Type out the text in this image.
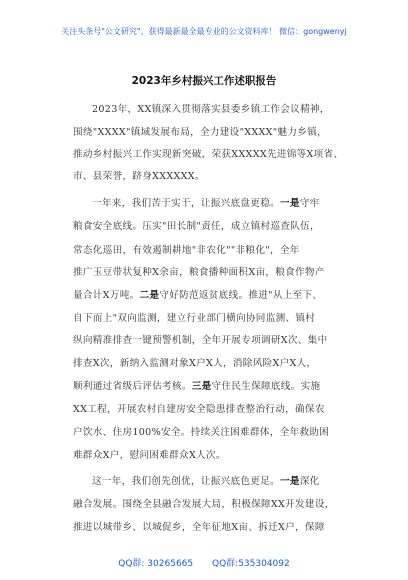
关注头条号"公文研究"，获得最新最全最专业的公文资料库！ 微信：gongwenyj
2023年乡村振兴工作述职报告
2023年，XX镇深入贯彻落实县委乡镇工作会议精神，
围绕"XXXX"镇域发展布局，全力建设"XXXX"魅力乡镇，
推动乡村振兴工作实现新突破，荣获XXXXX先进锦等X项省、
市、县荣誉，跻身XXXXXX。
一年来，我们苦于实干，让振兴底盘更稳。一是守牢
粮食安全底线。压实"田长制"责任，成立镇村巡查队伍，
常态化巡田，有效遏制耕地"非农化""非粮化"，全年
推广玉豆带状复种X余亩，粮食播种面积X亩，粮食作物产
量合计X万吨。二是守好防范返贫底线。推进"从上至下、
自下而上"双向监测，建立行业部门横向协同监测、镇村
纵向精准排查一键预警机制，全年开展专项调研X次、集中
排查X次，新纳入监测对象X户X人，消除风险X户X人，
顺利通过省级后评估考核。三是守住民生保障底线。实施
XX工程，开展农村自建房安全隐患排查整治行动，确保农
户饮水、住房100%安全。持续关注困难群体，全年救助困
难群众X户，慰问困难群众X人次。
这一年，我们创先创优，让振兴底色更足。一是深化
融合发展。围绕全县融合发展大局，积极保障XX开发建设，
推进以城带乡、以城促乡，全年征地X亩、拆迁X户，保障
QQ群: 30265665 QQ群:535304092
